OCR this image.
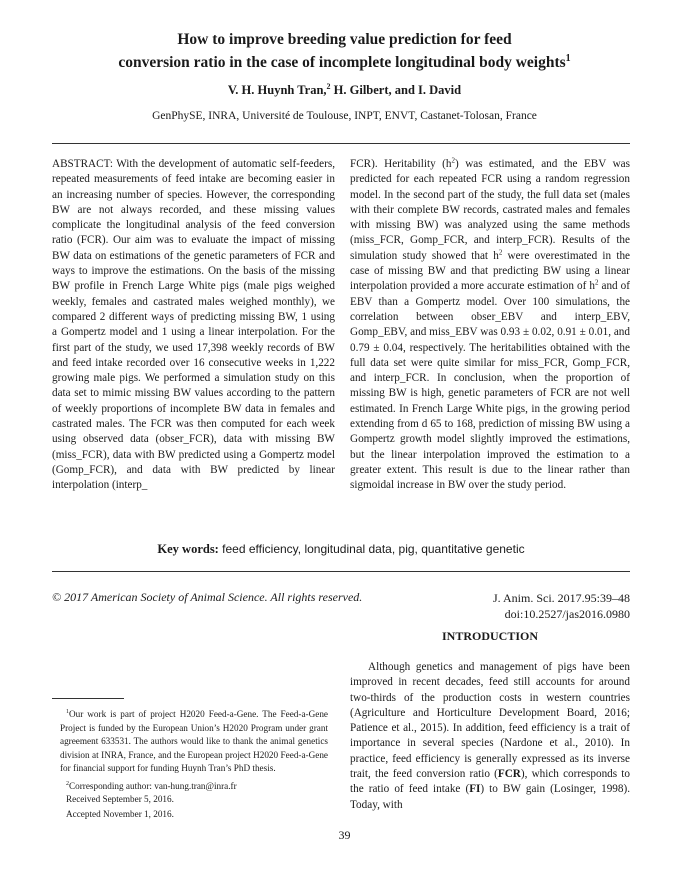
How to improve breeding value prediction for feed
conversion ratio in the case of incomplete longitudinal body weights$^1$
V. H. Huynh Tran,$^2$ H. Gilbert, and I. David
GenPhySE, INRA, Université de Toulouse, INPT, ENVT, Castanet-Tolosan, France
ABSTRACT: With the development of automatic self-feeders, repeated measurements of feed intake are becoming easier in an increasing number of species. However, the corresponding BW are not always recorded, and these missing values complicate the longitudinal analysis of the feed conversion ratio (FCR). Our aim was to evaluate the impact of missing BW data on estimations of the genetic parameters of FCR and ways to improve the estimations. On the basis of the missing BW profile in French Large White pigs (male pigs weighed weekly, females and castrated males weighed monthly), we compared 2 different ways of predicting missing BW, 1 using a Gompertz model and 1 using a linear interpolation. For the first part of the study, we used 17,398 weekly records of BW and feed intake recorded over 16 consecutive weeks in 1,222 growing male pigs. We performed a simulation study on this data set to mimic missing BW values according to the pattern of weekly proportions of incomplete BW data in females and castrated males. The FCR was then computed for each week using observed data (obser_FCR), data with missing BW (miss_FCR), data with BW predicted using a Gompertz model (Gomp_FCR), and data with BW predicted by linear interpolation (interp_
FCR). Heritability $(h^2)$ was estimated, and the EBV was predicted for each repeated FCR using a random regression model. In the second part of the study, the full data set (males with their complete BW records, castrated males and females with missing BW) was analyzed using the same methods (miss_FCR, Gomp_FCR, and interp_FCR). Results of the simulation study showed that $h^2$ were overestimated in the case of missing BW and that predicting BW using a linear interpolation provided a more accurate estimation of $h^2$ and of EBV than a Gompertz model. Over 100 simulations, the correlation between obser_EBV and interp_EBV, Gomp_EBV, and miss_EBV was 0.93 ± 0.02, 0.91 ± 0.01, and 0.79 ± 0.04, respectively. The heritabilities obtained with the full data set were quite similar for miss_FCR, Gomp_FCR, and interp_FCR. In conclusion, when the proportion of missing BW is high, genetic parameters of FCR are not well estimated. In French Large White pigs, in the growing period extending from d 65 to 168, prediction of missing BW using a Gompertz growth model slightly improved the estimations, but the linear interpolation improved the estimation to a greater extent. This result is due to the linear rather than sigmoidal increase in BW over the study period.
Key words: feed efficiency, longitudinal data, pig, quantitative genetic
© 2017 American Society of Animal Science. All rights reserved.	J. Anim. Sci. 2017.95:39–48
doi:10.2527/jas2016.0980
INTRODUCTION
Although genetics and management of pigs have been improved in recent decades, feed still accounts for around two-thirds of the production costs in western countries (Agriculture and Horticulture Development Board, 2016; Patience et al., 2015). In addition, feed efficiency is a trait of importance in several species (Nardone et al., 2010). In practice, feed efficiency is generally expressed as its inverse trait, the feed conversion ratio (FCR), which corresponds to the ratio of feed intake (FI) to BW gain (Losinger, 1998). Today, with
$^1$Our work is part of project H2020 Feed-a-Gene. The Feed-a-Gene Project is funded by the European Union’s H2020 Program under grant agreement 633531. The authors would like to thank the animal genetics division at INRA, France, and the European project H2020 Feed-a-Gene for financial support for funding Huynh Tran’s PhD thesis.
$^2$Corresponding author: van-hung.tran@inra.fr
Received September 5, 2016.
Accepted November 1, 2016.
39
